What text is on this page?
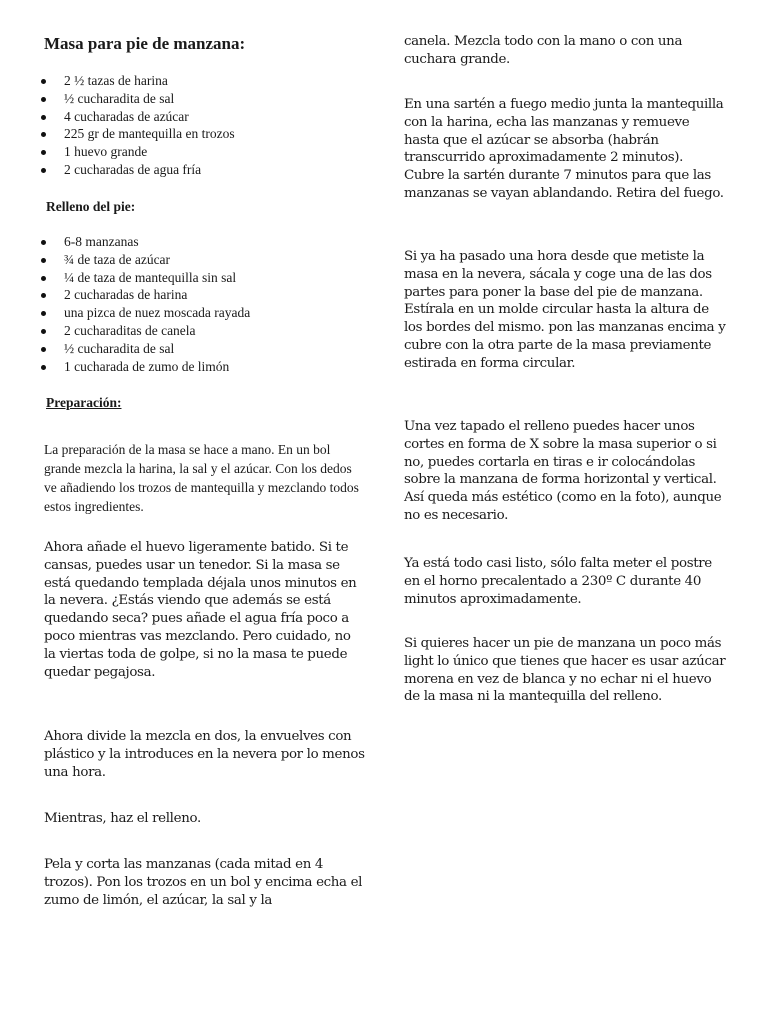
Masa para pie de manzana:
2 ½ tazas de harina
½ cucharadita de sal
4 cucharadas de azúcar
225 gr de mantequilla en trozos
1 huevo grande
2 cucharadas de agua fría
Relleno del pie:
6-8 manzanas
¾ de taza de azúcar
¼ de taza de mantequilla sin sal
2 cucharadas de harina
una pizca de nuez moscada rayada
2 cucharaditas de canela
½ cucharadita de sal
1 cucharada de zumo de limón
Preparación:

La preparación de la masa se hace a mano. En un bol grande mezcla la harina, la sal y el azúcar. Con los dedos ve añadiendo los trozos de mantequilla y mezclando todos estos ingredientes.

Ahora añade el huevo ligeramente batido. Si te cansas, puedes usar un tenedor. Si la masa se está quedando templada déjala unos minutos en la nevera. ¿Estás viendo que además se está quedando seca? pues añade el agua fría poco a poco mientras vas mezclando. Pero cuidado, no la viertas toda de golpe, si no la masa te puede quedar pegajosa.

Ahora divide la mezcla en dos, la envuelves con plástico y la introduces en la nevera por lo menos una hora.

Mientras, haz el relleno.

Pela y corta las manzanas (cada mitad en 4 trozos). Pon los trozos en un bol y encima echa el zumo de limón, el azúcar, la sal y la

canela. Mezcla todo con la mano o con una cuchara grande.

En una sartén a fuego medio junta la mantequilla con la harina, echa las manzanas y remueve hasta que el azúcar se absorba (habrán transcurrido aproximadamente 2 minutos). Cubre la sartén durante 7 minutos para que las manzanas se vayan ablandando. Retira del fuego.

Si ya ha pasado una hora desde que metiste la masa en la nevera, sácala y coge una de las dos partes para poner la base del pie de manzana. Estírala en un molde circular hasta la altura de los bordes del mismo. pon las manzanas encima y cubre con la otra parte de la masa previamente estirada en forma circular.

Una vez tapado el relleno puedes hacer unos cortes en forma de X sobre la masa superior o si no, puedes cortarla en tiras e ir colocándolas sobre la manzana de forma horizontal y vertical. Así queda más estético (como en la foto), aunque no es necesario.

Ya está todo casi listo, sólo falta meter el postre en el horno precalentado a 230º C durante 40 minutos aproximadamente.

Si quieres hacer un pie de manzana un poco más light lo único que tienes que hacer es usar azúcar morena en vez de blanca y no echar ni el huevo de la masa ni la mantequilla del relleno.
